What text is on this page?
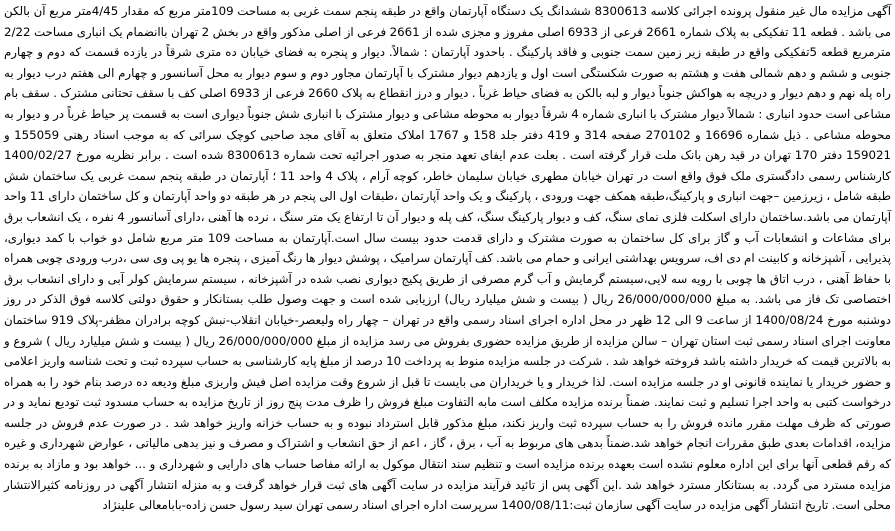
آگهی مزایده مال غیر منقول پرونده اجرائی کلاسه 8300613 ششدانگ یک دستگاه آپارتمان واقع در طبقه پنجم سمت غربی به مساحت 109متر مربع که مقدار 4/45متر مربع آن بالکن می باشد . قطعه 11 تفکیکی به پلاک شماره 2661 فرعی از 6933 اصلی مفروز و مجزی شده از 2661 فرعی از اصلی مذکور واقع در بخش 2 تهران باانضمام یک انباری مساحت 2/22 مترمربع قطعه 5تفکیکی واقع در طبقه زیر زمین سمت جنوبی و فاقد پارکینگ . باحدود آپارتمان : شمالاً. دیوار و پنجره به فضای خیابان ده متری شرقاً در یازده قسمت که دوم و چهارم جنوبی و ششم و دهم شمالی هفت و هشتم به صورت شکستگی است اول و یازدهم دیوار مشترک با آپارتمان مجاور دوم و سوم دیوار به محل آسانسور و چهارم الی هفتم درب دیوار به راه پله نهم و دهم دیوار و دریچه به هواکش جنوباً دیوار و لبه بالکن به فضای حیاط غرباً . دیوار و درز انقطاع به پلاک 2660 فرعی از 6933 اصلی کف با سقف تحتانی مشترک . سقف بام مشاعی است حدود انباری : شمالاً دیوار مشترک با انباری شماره 4 شرقاً دیوار به محوطه مشاعی و دیوار مشترک با انباری شش جنوباً دیواری است به قسمت پر حیاط غرباً در و دیوار به محوطه مشاعی . ذیل شماره 16696 و 270102 صفحه 314 و 419 دفتر جلد 158 و 1767 املاک متعلق به آقای مجد صاحبی کوچک سرائی که به موجب اسناد رهنی 155059 و 159021 دفتر 170 تهران در قید رهن بانک ملت قرار گرفته است . بعلت عدم ایفای تعهد منجر به صدور اجرائیه تحت شماره 8300613 شده است . برابر نظریه مورخ 1400/02/27 کارشناس رسمی دادگستری ملک فوق واقع است در تهران خیابان مطهری خیابان سلیمان خاطر، کوچه آرام ، پلاک 4 واحد 11 ؛ آپارتمان در طبقه پنجم سمت غربی یک ساختمان شش طبقه شامل ، زیرزمین –جهت انباری و پارکینگ،طبقه همکف جهت ورودی ، پارکینگ و یک واحد آپارتمان ،طبقات اول الی پنجم در هر طبقه دو واحد آپارتمان و کل ساختمان دارای 11 واحد آپارتمان می باشد.ساختمان دارای اسکلت فلزی نمای سنگ، کف و دیوار پارکینگ سنگ، کف پله و دیوار آن تا ارتفاع یک متر سنگ ، نرده ها آهنی ،دارای آسانسور 4 نفره ، یک انشعاب برق برای مشاعات و انشعابات آب و گاز برای کل ساختمان به صورت مشترک و دارای قدمت حدود بیست سال است.آپارتمان به مساحت 109 متر مربع شامل دو خواب با کمد دیواری، پذیرایی ، آشپزخانه و کابینت ام دی اف، سرویس بهداشتی ایرانی و حمام می باشد. کف آپارتمان سرامیک ، پوشش دیوار ها رنگ آمیزی ، پنجره ها یو پی وی سی ،درب ورودی چوبی همراه با حفاظ آهنی ، درب اتاق ها چوبی با رویه سه لایی،سیستم گرمایش و آب گرم مصرفی از طریق پکیج دیواری نصب شده در آشپزخانه ، سیستم سرمایش کولر آبی و دارای انشعاب برق اختصاصی تک فاز می باشد. به مبلغ 26/000/000/000 ریال ( بیست و شش میلیارد ریال) ارزیابی شده است و جهت وصول طلب بستانکار و حقوق دولتی کلاسه فوق الذکر در روز دوشنبه مورخ 1400/08/24 از ساعت 9 الی 12 ظهر در محل اداره اجرای اسناد رسمی واقع در تهران – چهار راه ولیعصر-خیابان انقلاب-نبش کوچه برادران مظفر-پلاک 919 ساختمان معاونت اجرای اسناد رسمی ثبت استان تهران – سالن مزایده از طریق مزایده حضوری بفروش می رسد مزایده از مبلغ 26/000/000/000 ریال ( بیست و شش میلیارد ریال ) شروع و به بالاترین قیمت که خریدار داشته باشد فروخته خواهد شد . شرکت در جلسه مزایده منوط به پرداخت 10 درصد از مبلغ پایه کارشناسی به حساب سپرده ثبت و تحت شناسه واریز اعلامی و حضور خریدار یا نماینده قانونی او در جلسه مزایده است. لذا خریدار و یا خریداران می بایست تا قبل از شروع وقت مزایده اصل فیش واریزی مبلغ ودیعه ده درصد بنام خود را به همراه درخواست کتبی به واحد اجرا تسلیم و ثبت نمایند. ضمناً برنده مزایده مکلف است مابه التفاوت مبلغ فروش را ظرف مدت پنج روز از تاریخ مزایده به حساب مسدود ثبت تودیع نماید و در صورتی که ظرف مهلت مقرر مانده فروش را به حساب سپرده ثبت واریز نکند، مبلغ مذکور قابل استرداد نبوده و به حساب خزانه واریز خواهد شد . در صورت عدم فروش در جلسه مزایده، اقدامات بعدی طبق مقررات انجام خواهد شد.ضمناً بدهی های مربوط به آب ، برق ، گاز ، اعم از حق انشعاب و اشتراک و مصرف و نیز بدهی مالیاتی ، عوارض شهرداری و غیره که رقم قطعی آنها برای این اداره معلوم نشده است بعهده برنده مزایده است و تنظیم سند انتقال موکول به ارائه مفاصا حساب های دارایی و شهرداری و ... خواهد بود و مازاد به برنده مزایده مسترد می گردد. به بستانکار مسترد خواهد شد .این آگهی پس از تائید فرآیند مزایده در سایت آگهی های ثبت قرار خواهد گرفت و به منزله انتشار آگهی در روزنامه کثیرالانتشار محلی است. تاریخ انتشار آگهی مزایده در سایت آگهی سازمان ثبت:1400/08/11 سرپرست اداره اجرای اسناد رسمی تهران سید رسول حسن زاده-بابامعالی علینژاد
